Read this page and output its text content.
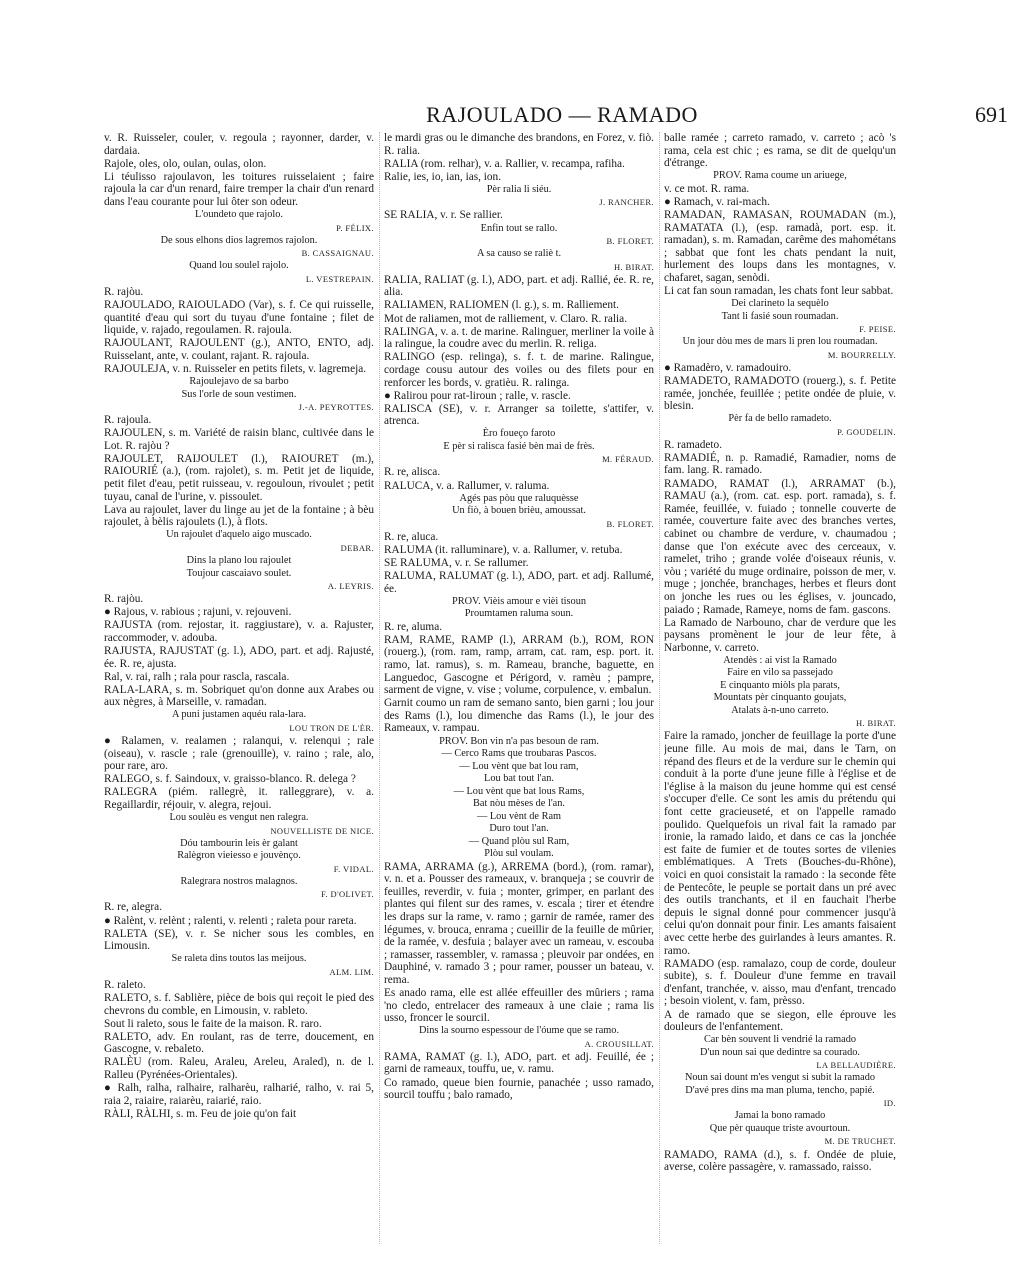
RAJOULADO — RAMADO	691

v. R. Ruisseler, couler, v. regoula ; rayonner, darder, v. dardaia.

Rajole, oles, olo, oulan, oulas, olon.

Li téulisso rajoulavon, les toitures ruisselaient ; faire rajoula la car d'un renard, faire tremper la chair d'un renard dans l'eau courante pour lui ôter son odeur.

L'oundeto que rajolo.

P. FÉLIX.

De sous elhons dios lagremos rajolon.

B. CASSAIGNAU.

Quand lou soulel rajolo.

L. VESTREPAIN.

R. rajòu.

RAJOULADO, RAIOULADO (Var), s. f. Ce qui ruisselle, quantité d'eau qui sort du tuyau d'une fontaine ; filet de liquide, v. rajado, regoulamen. R. rajoula.

RAJOULANT, RAJOULENT (g.), ANTO, ENTO, adj. Ruisselant, ante, v. coulant, rajant. R. rajoula.

RAJOULEJA, v. n. Ruisseler en petits filets, v. lagremeja.

Rajoulejavo de sa barbo

Sus l'orle de soun vestimen.

J.-A. PEYROTTES.

R. rajoula.

RAJOULEN, s. m. Variété de raisin blanc, cultivée dans le Lot. R. rajòu ?

RAJOULET, RAIJOULET (l.), RAIOURET (m.), RAIOURIÉ (a.), (rom. rajolet), s. m. Petit jet de liquide, petit filet d'eau, petit ruisseau, v. regouloun, rivoulet ; petit tuyau, canal de l'urine, v. pissoulet.

Lava au rajoulet, laver du linge au jet de la fontaine ; à bèu rajoulet, à bèlis rajoulets (l.), à flots.

Un rajoulet d'aquelo aigo muscado.

DEBAR.

Dins la plano lou rajoulet

Toujour cascaiavo soulet.

A. LEYRIS.

R. rajòu.

● Rajous, v. rabious ; rajuni, v. rejouveni.

RAJUSTA (rom. rejostar, it. raggiustare), v. a. Rajuster, raccommoder, v. adouba.

RAJUSTA, RAJUSTAT (g. l.), ADO, part. et adj. Rajusté, ée. R. re, ajusta.

Ral, v. rai, ralh ; rala pour rascla, rascala.

RALA-LARA, s. m. Sobriquet qu'on donne aux Arabes ou aux nègres, à Marseille, v. ramadan.

A puni justamen aquéu rala-lara.

LOU TRON DE L'ÈR.

● Ralamen, v. realamen ; ralanqui, v. relenqui ; rale (oiseau), v. rascle ; rale (grenouille), v. raino ; rale, alo, pour rare, aro.

RALEGO, s. f. Saindoux, v. graisso-blanco. R. delega ?

RALEGRA (piém. rallegrè, it. ralleggrare), v. a. Regaillardir, réjouir, v. alegra, rejoui.

Lou soulèu es vengut nen ralegra.

NOUVELLISTE DE NICE.

Dóu tambourin leis èr galant

Ralègron vieiesso e jouvènço.

F. VIDAL.

Ralegrara nostros malagnos.

F. D'OLIVET.

R. re, alegra.

● Ralènt, v. relènt ; ralenti, v. relenti ; raleta pour rareta.

RALETA (SE), v. r. Se nicher sous les combles, en Limousin.

Se raleta dins toutos las meijous.

ALM. LIM.

R. raleto.

RALETO, s. f. Sablière, pièce de bois qui reçoit le pied des chevrons du comble, en Limousin, v. rableto.

Sout li raleto, sous le faite de la maison. R. raro.

RALETO, adv. En roulant, ras de terre, doucement, en Gascogne, v. rebaleto.

RALÈU (rom. Raleu, Araleu, Areleu, Araled), n. de l. Ralleu (Pyrénées-Orientales).

● Ralh, ralha, ralhaire, ralharèu, ralharié, ralho, v. rai 5, raia 2, raiaire, raiarèu, raiarié, raio.

RÀLI, RÀLHI, s. m. Feu de joie qu'on fait

le mardi gras ou le dimanche des brandons, en Forez, v. fiò. R. ralia.

RALIA (rom. relhar), v. a. Rallier, v. recampa, rafiha.

Ralie, ies, io, ian, ias, ion.

Pèr ralia li siéu.

J. RANCHER.

SE RALIA, v. r. Se rallier.

Enfin tout se rallo.

B. FLORET.

A sa causo se raliè t.

H. BIRAT.

RALIA, RALIAT (g. l.), ADO, part. et adj. Rallié, ée. R. re, alia.

RALIAMEN, RALIOMEN (l. g.), s. m. Ralliement.

Mot de raliamen, mot de ralliement, v. Claro. R. ralia.

RALINGA, v. a. t. de marine. Ralinguer, merliner la voile à la ralingue, la coudre avec du merlin. R. religa.

RALINGO (esp. relinga), s. f. t. de marine. Ralingue, cordage cousu autour des voiles ou des filets pour en renforcer les bords, v. gratièu. R. ralinga.

● Ralirou pour rat-liroun ; ralle, v. rascle.

RALISCA (SE), v. r. Arranger sa toilette, s'attifer, v. atrenca.

Èro foueço faroto

E pèr si ralisca fasié bèn mai de frès.

M. FÉRAUD.

R. re, alisca.

RALUCA, v. a. Rallumer, v. raluma.

Agés pas pòu que raluquèsse

Un fiò, à bouen brièu, amoussat.

B. FLORET.

R. re, aluca.

RALUMA (it. ralluminare), v. a. Rallumer, v. retuba.

SE RALUMA, v. r. Se rallumer.

RALUMA, RALUMAT (g. l.), ADO, part. et adj. Rallumé, ée.

PROV. Vièis amour e vièi tisoun

Proumtamen raluma soun.

R. re, aluma.

RAM, RAME, RAMP (l.), ARRAM (b.), ROM, RON (rouerg.), (rom. ram, ramp, arram, cat. ram, esp. port. it. ramo, lat. ramus), s. m. Rameau, branche, baguette, en Languedoc, Gascogne et Périgord, v. ramèu ; pampre, sarment de vigne, v. vise ; volume, corpulence, v. embalun.

Garnit coumo un ram de semano santo, bien garni ; lou jour des Rams (l.), lou dimenche das Rams (l.), le jour des Rameaux, v. rampau.

PROV. Bon vin n'a pas besoun de ram.

— Cerco Rams que troubaras Pascos.

— Lou vènt que bat lou ram,

Lou bat tout l'an.

— Lou vènt que bat lous Rams,

Bat nòu mèses de l'an.

— Lou vènt de Ram

Duro tout l'an.

— Quand plòu sul Ram,

Plòu sul voulam.

RAMA, ARRAMA (g.), ARREMA (bord.), (rom. ramar), v. n. et a. Pousser des rameaux, v. branqueja ; se couvrir de feuilles, reverdir, v. fuia ; monter, grimper, en parlant des plantes qui filent sur des rames, v. escala ; tirer et étendre les draps sur la rame, v. ramo ; garnir de ramée, ramer des légumes, v. brouca, enrama ; cueillir de la feuille de mûrier, de la ramée, v. desfuia ; balayer avec un rameau, v. escouba ; ramasser, rassembler, v. ramassa ; pleuvoir par ondées, en Dauphiné, v. ramado 3 ; pour ramer, pousser un bateau, v. rema.

Es anado rama, elle est allée effeuiller des mûriers ; rama 'no cledo, entrelacer des rameaux à une claie ; rama lis usso, froncer le sourcil.

Dins la sourno espessour de l'óume que se ramo.

A. CROUSILLAT.

RAMA, RAMAT (g. l.), ADO, part. et adj. Feuillé, ée ; garni de rameaux, touffu, ue, v. ramu.

Co ramado, queue bien fournie, panachée ; usso ramado, sourcil touffu ; balo ramado,

balle ramée ; carreto ramado, v. carreto ; acò 's rama, cela est chic ; es rama, se dit de quelqu'un d'étrange.

PROV. Rama coume un ariuege,

v. ce mot. R. rama.

● Ramach, v. rai-mach.

RAMADAN, RAMASAN, ROUMADAN (m.), RAMATATA (l.), (esp. ramadà, port. esp. it. ramadan), s. m. Ramadan, carême des mahométans ; sabbat que font les chats pendant la nuit, hurlement des loups dans les montagnes, v. chafaret, sagan, senòdi.

Li cat fan soun ramadan, les chats font leur sabbat.

Dei clarineto la sequèlo

Tant li fasié soun roumadan.

F. PEISE.

Un jour dòu mes de mars li pren lou roumadan.

M. BOURRELLY.

● Ramadèro, v. ramadouiro.

RAMADETO, RAMADOTO (rouerg.), s. f. Petite ramée, jonchée, feuillée ; petite ondée de pluie, v. blesin.

Pèr fa de bello ramadeto.

P. GOUDELIN.

R. ramadeto.

RAMADIÉ, n. p. Ramadié, Ramadier, noms de fam. lang. R. ramado.

RAMADO, RAMAT (l.), ARRAMAT (b.), RAMAU (a.), (rom. cat. esp. port. ramada), s. f. Ramée, feuillée, v. fuiado ; tonnelle couverte de ramée, couverture faite avec des branches vertes, cabinet ou chambre de verdure, v. chaumadou ; danse que l'on exécute avec des cerceaux, v. ramelet, triho ; grande volée d'oiseaux réunis, v. vòu ; variété du muge ordinaire, poisson de mer, v. muge ; jonchée, branchages, herbes et fleurs dont on jonche les rues ou les églises, v. jouncado, paiado ; Ramade, Rameye, noms de fam. gascons.

La Ramado de Narbouno, char de verdure que les paysans promènent le jour de leur fête, à Narbonne, v. carreto.

Atendès : ai vist la Ramado

Faire en vilo sa passejado

E cinquanto miòls pla parats,

Mountats pèr cinquanto goujats,

Atalats à-n-uno carreto.

H. BIRAT.

Faire la ramado, joncher de feuillage la porte d'une jeune fille. Au mois de mai, dans le Tarn, on répand des fleurs et de la verdure sur le chemin qui conduit à la porte d'une jeune fille à l'église et de l'église à la maison du jeune homme qui est censé s'occuper d'elle. Ce sont les amis du prétendu qui font cette gracieuseté, et on l'appelle ramado poulido. Quelquefois un rival fait la ramado par ironie, la ramado laido, et dans ce cas la jonchée est faite de fumier et de toutes sortes de vilenies emblématiques. A Trets (Bouches-du-Rhône), voici en quoi consistait la ramado : la seconde fête de Pentecôte, le peuple se portait dans un pré avec des outils tranchants, et il en fauchait l'herbe depuis le signal donné pour commencer jusqu'à celui qu'on donnait pour finir. Les amants faisaient avec cette herbe des guirlandes à leurs amantes. R. ramo.

RAMADO (esp. ramalazo, coup de corde, douleur subite), s. f. Douleur d'une femme en travail d'enfant, tranchée, v. aisso, mau d'enfant, trencado ; besoin violent, v. fam, prèsso.

A de ramado que se siegon, elle éprouve les douleurs de l'enfantement.

Car bèn souvent li vendrié la ramado

D'un noun sai que dedintre sa courado.

LA BELLAUDIÈRE.

Noun sai dount m'es vengut si subit la ramado

D'avé pres dins ma man pluma, tencho, papié.

ID.

Jamai la bono ramado

Que pèr quauque triste avourtoun.

M. DE TRUCHET.

RAMADO, RAMA (d.), s. f. Ondée de pluie, averse, colère passagère, v. ramassado, raisso.
